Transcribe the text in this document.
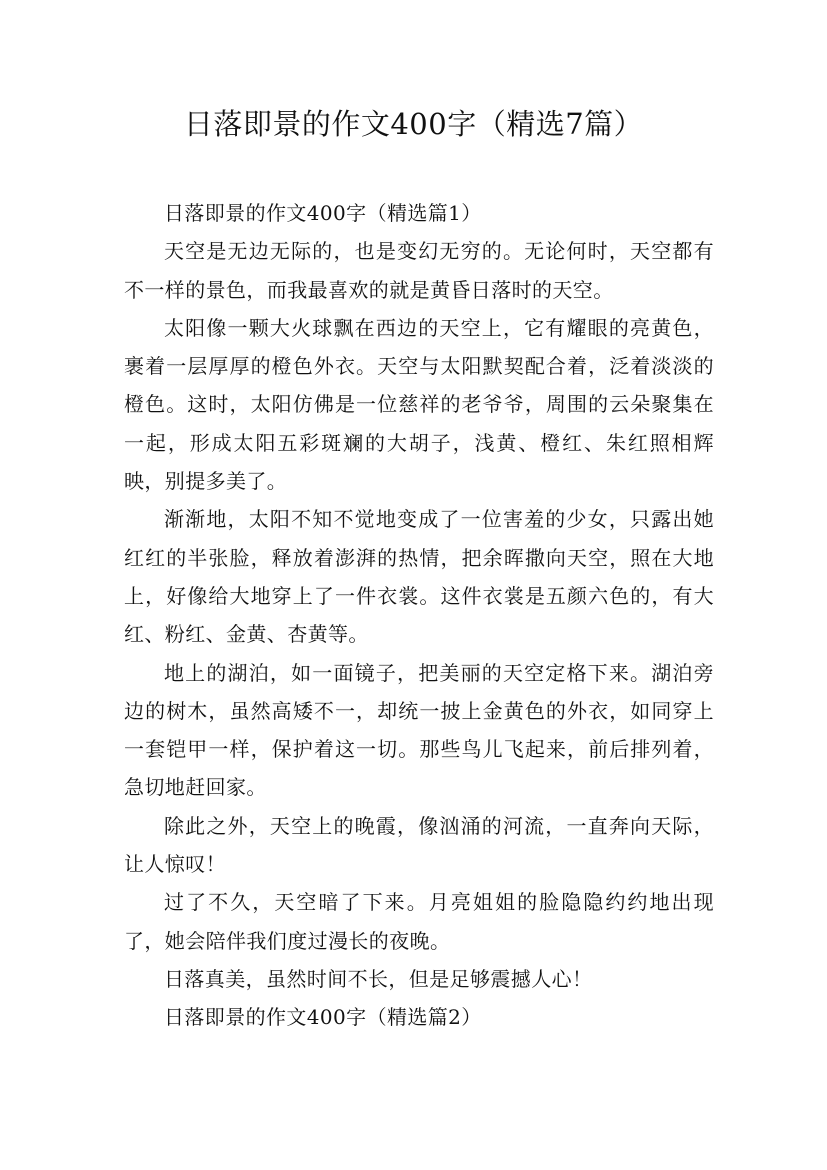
日落即景的作文400字（精选7篇）

日落即景的作文400字（精选篇1）

天空是无边无际的，也是变幻无穷的。无论何时，天空都有不一样的景色，而我最喜欢的就是黄昏日落时的天空。

太阳像一颗大火球飘在西边的天空上，它有耀眼的亮黄色，裹着一层厚厚的橙色外衣。天空与太阳默契配合着，泛着淡淡的橙色。这时，太阳仿佛是一位慈祥的老爷爷，周围的云朵聚集在一起，形成太阳五彩斑斓的大胡子，浅黄、橙红、朱红照相辉映，别提多美了。

渐渐地，太阳不知不觉地变成了一位害羞的少女，只露出她红红的半张脸，释放着澎湃的热情，把余晖撒向天空，照在大地上，好像给大地穿上了一件衣裳。这件衣裳是五颜六色的，有大红、粉红、金黄、杏黄等。

地上的湖泊，如一面镜子，把美丽的天空定格下来。湖泊旁边的树木，虽然高矮不一，却统一披上金黄色的外衣，如同穿上一套铠甲一样，保护着这一切。那些鸟儿飞起来，前后排列着，急切地赶回家。

除此之外，天空上的晚霞，像汹涌的河流，一直奔向天际，让人惊叹！

过了不久，天空暗了下来。月亮姐姐的脸隐隐约约地出现了，她会陪伴我们度过漫长的夜晚。

日落真美，虽然时间不长，但是足够震撼人心！

日落即景的作文400字（精选篇2）
